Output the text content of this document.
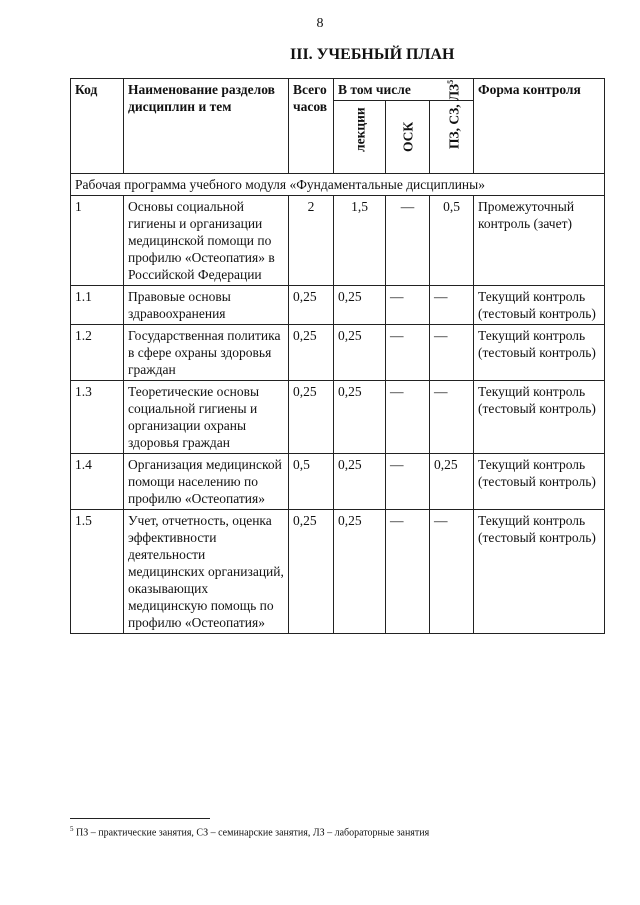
8
III. УЧЕБНЫЙ ПЛАН
Код	Наименование разделов дисциплин и тем	Всего часов	В том числе			Форма контроля

			лекции	ОСК	ПЗ, СЗ, $ЛЗ^5$

Рабочая программа учебного модуля «Фундаментальные дисциплины»						
1	Основы социальной гигиены и организации медицинской помощи по профилю «Остеопатия» в Российской Федерации	2	1,5	—	0,5	Промежуточный контроль (зачет)
1.1	Правовые основы здравоохранения	0,25	0,25	—	—	Текущий контроль (тестовый контроль)
1.2	Государственная политика в сфере охраны здоровья граждан	0,25	0,25	—	—	Текущий контроль (тестовый контроль)
1.3	Теоретические основы социальной гигиены и организации охраны здоровья граждан	0,25	0,25	—	—	Текущий контроль (тестовый контроль)
1.4	Организация медицинской помощи населению по профилю «Остеопатия»	0,5	0,25	—	0,25	Текущий контроль (тестовый контроль)
1.5	Учет, отчетность, оценка эффективности деятельности медицинских организаций, оказывающих медицинскую помощь по профилю «Остеопатия»	0,25	0,25	—	—	Текущий контроль (тестовый контроль)
$^5$ ПЗ – практические занятия, СЗ – семинарские занятия, ЛЗ – лабораторные занятия
